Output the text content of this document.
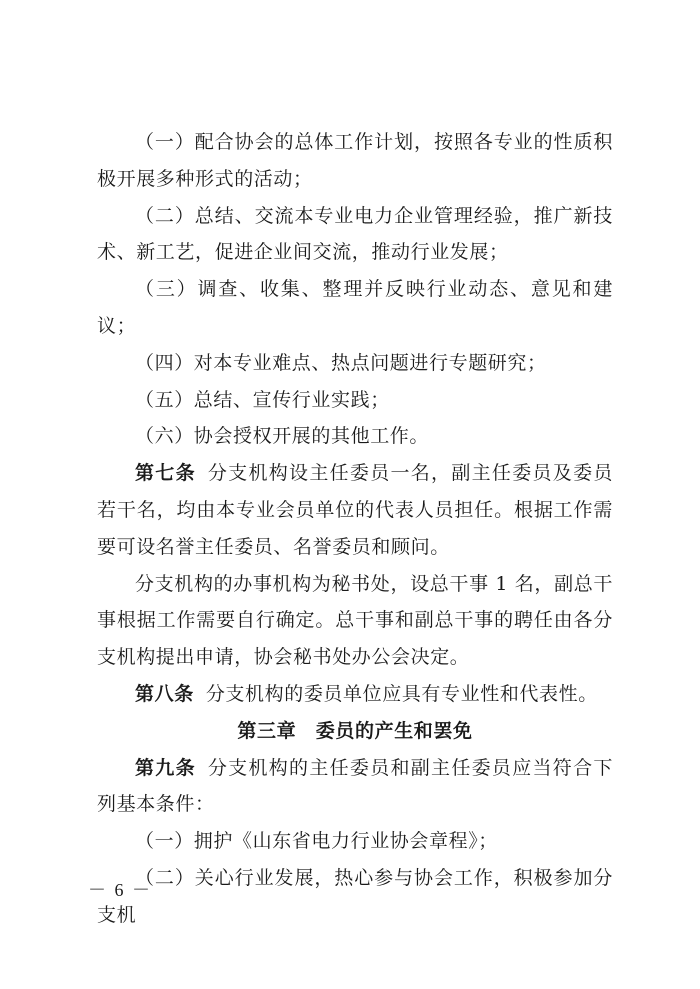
（一）配合协会的总体工作计划，按照各专业的性质积极开展多种形式的活动；

（二）总结、交流本专业电力企业管理经验，推广新技术、新工艺，促进企业间交流，推动行业发展；

（三）调查、收集、整理并反映行业动态、意见和建议；

（四）对本专业难点、热点问题进行专题研究；

（五）总结、宣传行业实践；

（六）协会授权开展的其他工作。

第七条 分支机构设主任委员一名，副主任委员及委员若干名，均由本专业会员单位的代表人员担任。根据工作需要可设名誉主任委员、名誉委员和顾问。

分支机构的办事机构为秘书处，设总干事 1 名，副总干事根据工作需要自行确定。总干事和副总干事的聘任由各分支机构提出申请，协会秘书处办公会决定。

第八条 分支机构的委员单位应具有专业性和代表性。

第三章　委员的产生和罢免

第九条 分支机构的主任委员和副主任委员应当符合下列基本条件：

（一）拥护《山东省电力行业协会章程》；

（二）关心行业发展，热心参与协会工作，积极参加分支机

－ 6 －
